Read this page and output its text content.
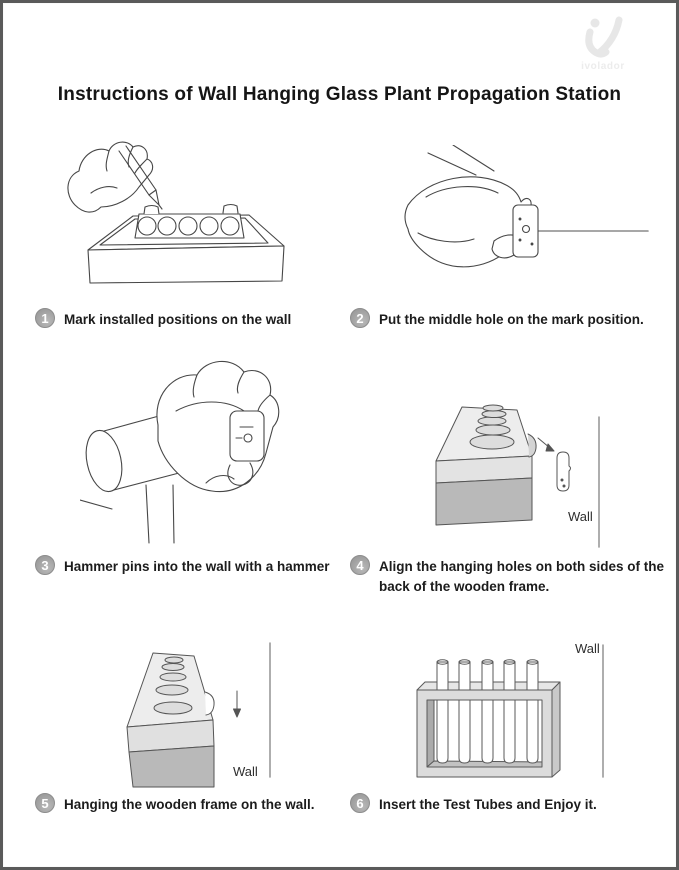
ivolador
Instructions of Wall Hanging Glass Plant Propagation Station
Wall
Wall
Wall
1	Mark installed positions on the wall	2	Put the middle hole on the mark position.
3	Hammer pins into the wall with a hammer	4	Align the hanging holes on both sides of the back of the wooden frame.
5	Hanging the wooden frame on the wall.	6	Insert the Test Tubes and Enjoy it.
